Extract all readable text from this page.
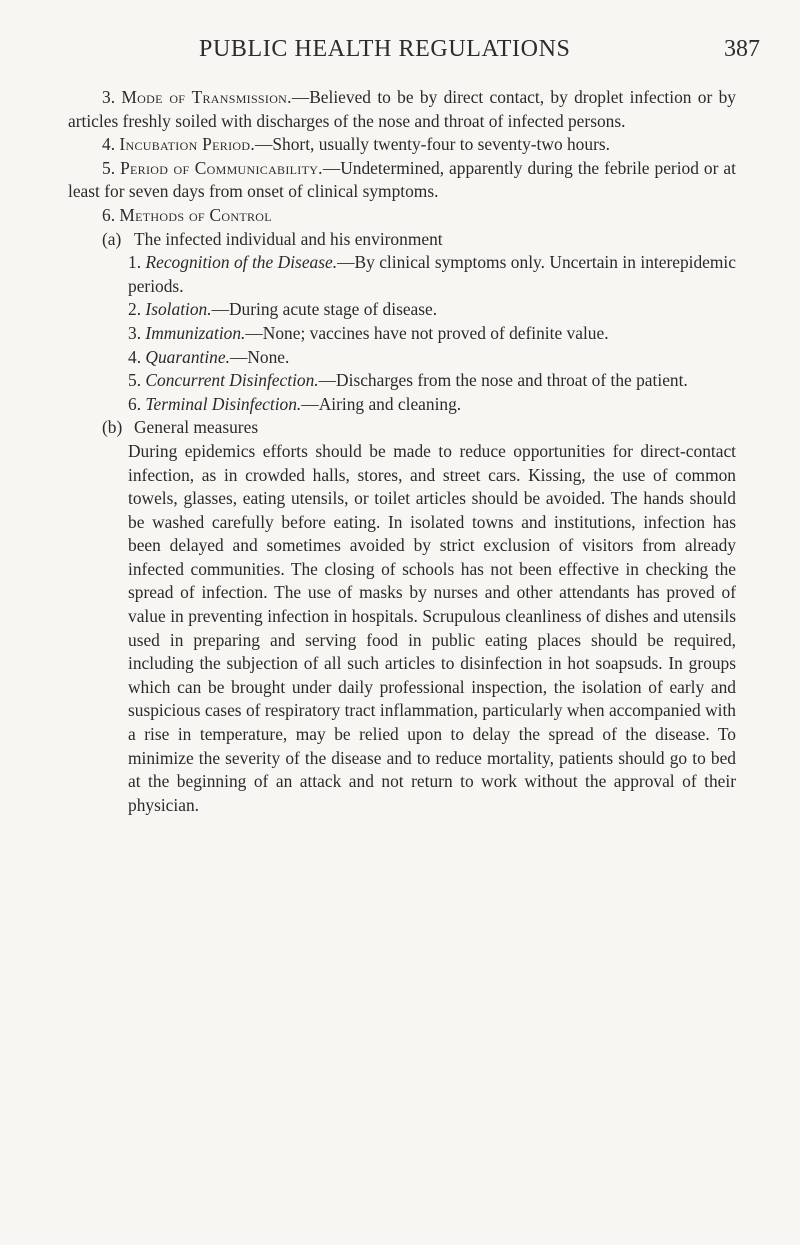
PUBLIC HEALTH REGULATIONS	387

3. Mode of Transmission.—Believed to be by direct contact, by droplet infection or by articles freshly soiled with discharges of the nose and throat of infected persons.

4. Incubation Period.—Short, usually twenty-four to seventy-two hours.

5. Period of Communicability.—Undetermined, apparently during the febrile period or at least for seven days from onset of clinical symptoms.

6. Methods of Control

(a) The infected individual and his environment

1. Recognition of the Disease.—By clinical symptoms only. Uncertain in interepidemic periods.

2. Isolation.—During acute stage of disease.

3. Immunization.—None; vaccines have not proved of definite value.

4. Quarantine.—None.

5. Concurrent Disinfection.—Discharges from the nose and throat of the patient.

6. Terminal Disinfection.—Airing and cleaning.

(b) General measures

During epidemics efforts should be made to reduce opportunities for direct-contact infection, as in crowded halls, stores, and street cars. Kissing, the use of common towels, glasses, eating utensils, or toilet articles should be avoided. The hands should be washed carefully before eating. In isolated towns and institutions, infection has been delayed and sometimes avoided by strict exclusion of visitors from already infected communities. The closing of schools has not been effective in checking the spread of infection. The use of masks by nurses and other attendants has proved of value in preventing infection in hospitals. Scrupulous cleanliness of dishes and utensils used in preparing and serving food in public eating places should be required, including the subjection of all such articles to disinfection in hot soapsuds. In groups which can be brought under daily professional inspection, the isolation of early and suspicious cases of respiratory tract inflammation, particularly when accompanied with a rise in temperature, may be relied upon to delay the spread of the disease. To minimize the severity of the disease and to reduce mortality, patients should go to bed at the beginning of an attack and not return to work without the approval of their physician.
